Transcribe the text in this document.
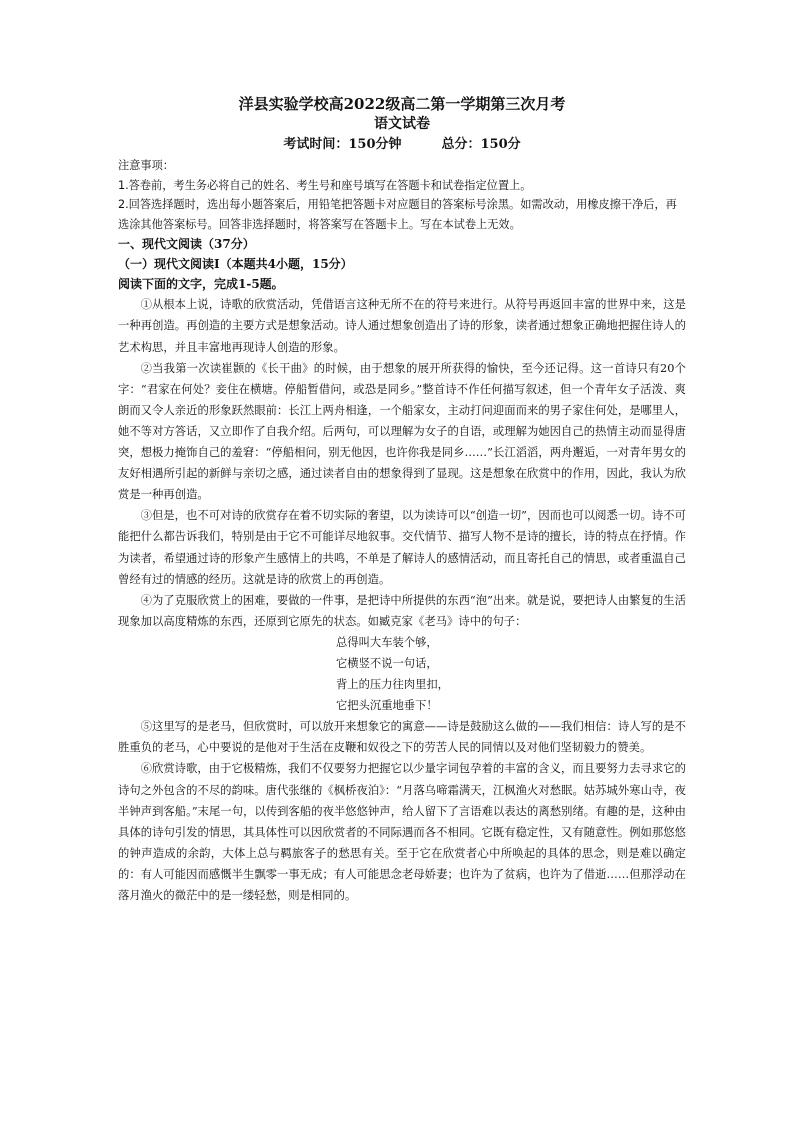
洋县实验学校高2022级高二第一学期第三次月考

语文试卷

考试时间：150分钟	总分：150分

注意事项：

1.答卷前，考生务必将自己的姓名、考生号和座号填写在答题卡和试卷指定位置上。

2.回答选择题时，选出每小题答案后，用铅笔把答题卡对应题目的答案标号涂黑。如需改动，用橡皮擦干净后，再选涂其他答案标号。回答非选择题时，将答案写在答题卡上。写在本试卷上无效。

一、现代文阅读（37分）

（一）现代文阅读Ⅰ（本题共4小题，15分）

阅读下面的文字，完成1-5题。

①从根本上说，诗歌的欣赏活动，凭借语言这种无所不在的符号来进行。从符号再返回丰富的世界中来，这是一种再创造。再创造的主要方式是想象活动。诗人通过想象创造出了诗的形象，读者通过想象正确地把握住诗人的艺术构思，并且丰富地再现诗人创造的形象。

②当我第一次读崔颢的《长干曲》的时候，由于想象的展开所获得的愉快，至今还记得。这一首诗只有20个字：“君家在何处？妾住在横塘。停船暂借问，或恐是同乡。”整首诗不作任何描写叙述，但一个青年女子活泼、爽朗而又令人亲近的形象跃然眼前：长江上两舟相逢，一个船家女，主动打问迎面而来的男子家住何处，是哪里人，她不等对方答话，又立即作了自我介绍。后两句，可以理解为女子的自语，或理解为她因自己的热情主动而显得唐突，想极力掩饰自己的羞窘：“停船相问，别无他因，也许你我是同乡……”长江滔滔，两舟邂逅，一对青年男女的友好相遇所引起的新鲜与亲切之感，通过读者自由的想象得到了显现。这是想象在欣赏中的作用，因此，我认为欣赏是一种再创造。

③但是，也不可对诗的欣赏存在着不切实际的奢望，以为读诗可以“创造一切”，因而也可以阅悉一切。诗不可能把什么都告诉我们，特别是由于它不可能详尽地叙事。交代情节、描写人物不是诗的擅长，诗的特点在抒情。作为读者，希望通过诗的形象产生感情上的共鸣，不单是了解诗人的感情活动，而且寄托自己的情思，或者重温自己曾经有过的情感的经历。这就是诗的欣赏上的再创造。

④为了克服欣赏上的困难，要做的一件事，是把诗中所提供的东西“泡”出来。就是说，要把诗人由繁复的生活现象加以高度精炼的东西，还原到它原先的状态。如臧克家《老马》诗中的句子：

总得叫大车装个够，
它横竖不说一句话，
背上的压力往肉里扣，
它把头沉重地垂下！

⑤这里写的是老马，但欣赏时，可以放开来想象它的寓意——诗是鼓励这么做的——我们相信：诗人写的是不胜重负的老马，心中要说的是他对于生活在皮鞭和奴役之下的劳苦人民的同情以及对他们坚韧毅力的赞美。

⑥欣赏诗歌，由于它极精炼，我们不仅要努力把握它以少量字词包孕着的丰富的含义，而且要努力去寻求它的诗句之外包含的不尽的韵味。唐代张继的《枫桥夜泊》：“月落乌啼霜满天，江枫渔火对愁眠。姑苏城外寒山寺，夜半钟声到客船。”末尾一句，以传到客船的夜半悠悠钟声，给人留下了言语难以表达的离愁别绪。有趣的是，这种由具体的诗句引发的情思，其具体性可以因欣赏者的不同际遇而各不相同。它既有稳定性，又有随意性。例如那悠悠的钟声造成的余韵，大体上总与羁旅客子的愁思有关。至于它在欣赏者心中所唤起的具体的思念，则是难以确定的：有人可能因而感慨半生飘零一事无成；有人可能思念老母娇妻；也许为了贫病，也许为了借逝……但那浮动在落月渔火的微茫中的是一缕轻愁，则是相同的。
